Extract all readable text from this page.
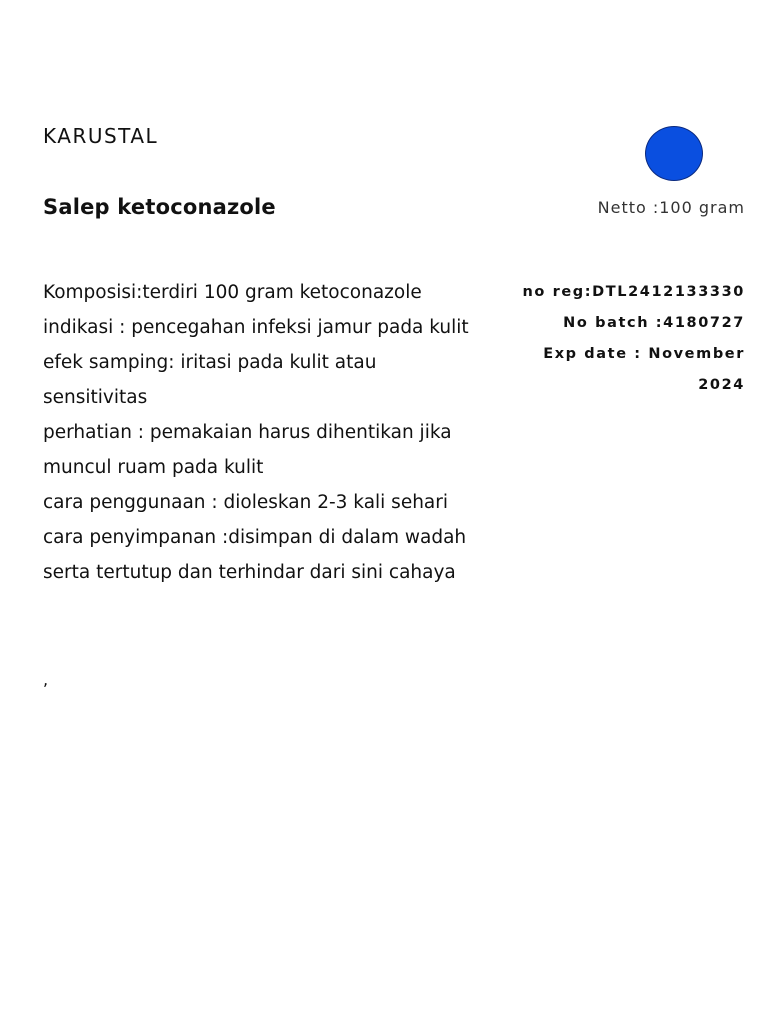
KARUSTAL
Salep ketoconazole	Netto :100 gram
Komposisi:terdiri 100 gram ketoconazole
indikasi : pencegahan infeksi jamur pada kulit
efek samping: iritasi pada kulit atau
sensitivitas
perhatian : pemakaian harus dihentikan jika
muncul ruam pada kulit
cara penggunaan : dioleskan 2-3 kali sehari
cara penyimpanan :disimpan di dalam wadah
serta tertutup dan terhindar dari sini cahaya
no reg:DTL2412133330
No batch :4180727
Exp date : November
2024
,
